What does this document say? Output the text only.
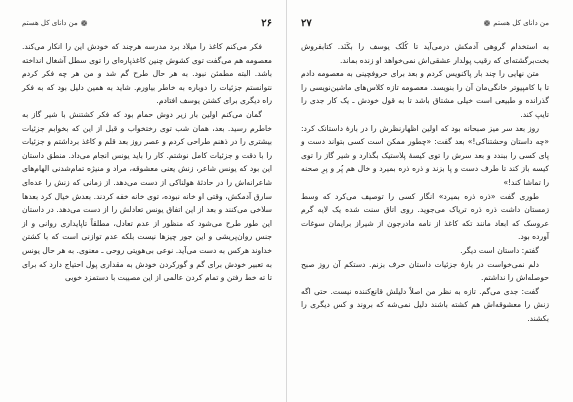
۲۶
❁
من دانای کل هستم

فکر می‌کنم کاغذ را میلاد برد مدرسه هرچند که خودش این را انکار می‌کند. معصومه هم می‌گفت توی کشوش چنین کاغذپاره‌ای را توی سطل آشغال انداخته باشد. البته مطمئن نبود. به هر حال طرح گم شد و من هر چه فکر کردم نتوانستم جزئیات را دوباره به خاطر بیاورم. شاید به همین دلیل بود که به فکر راه دیگری برای کشتن یوسف افتادم.

گمان می‌کنم اولین بار زیر دوش حمام بود که فکر کشتنش با شیر گاز به خاطرم رسید. بعد، همان شب توی رختخواب و قبل از این که بخوابم جزئیات بیشتری را در ذهنم طراحی کردم و عصر روز بعد قلم و کاغذ برداشتم و جزئیات را با دقت و جزئیات کامل نوشتم. کار را باید یونس انجام می‌داد. منطق داستان این بود که یونس شاعر، زنش یعنی معشوقه، مراد و منیژه تمام‌شدنی الهام‌های شاعرانه‌اش را در حادثهٔ هولناکی از دست می‌دهد. از زمانی که زنش را عده‌ای سارق آدمکش، وقتی او خانه نبوده، توی خانه خفه کردند. بعدش خیال کرد بعدها سلاخی می‌کنند و بعد از این اتفاق یونس تعادلش را از دست می‌دهد. در داستان این طور طرح می‌شود که منظور از عدم تعادل، مطلقاً تاپایداری روانی و از جنس روان‌پریشی و این جور چیزها نیست بلکه عدم توازنی است که با کشتن خداوند هرکس به دست می‌آید. نوعی بی‌هویتی روحی ـ معنوی. به هر حال یونس به تعبیر خودش برای گم و گورکردن خودش به مقداری پول احتیاج دارد که برای تا ته خط رفتن و تمام کردن عالمی از این مصیبت با دستمزد خوبی

من دانای کل هستم
❁
۲۷

به استخدام گروهی آدمکش درمی‌آید تا کُلَک یوسف را بکَنَد. کتابفروش بخت‌برگشته‌ای که رقیب پولدار عشقی‌اش نمی‌خواهد او زنده بماند.

متن نهایی را چند بار پاکنویس کردم و بعد برای حروفچینی به معصومه دادم تا با کامپیوتر خانگی‌مان آن را بنویسد. معصومه تازه کلاس‌های ماشین‌نویسی را گذرانده و طبیعی است خیلی مشتاق باشد تا به قول خودش ـ یک کار جدی را تایپ کند.

روز بعد سر میز صبحانه بود که اولین اظهارنظرش را در بارهٔ داستانک کرد: «چه داستان وحشتناکی!» بعد گفت: «چطور ممکن است کسی بتواند دست و پای کسی را ببندد و بعد سرش را توی کیسهٔ پلاستیک بگذارد و شیر گاز را توی کیسه باز کند تا طرف دست و پا بزند و ذره ذره بمیرد و خال هم پُر و پرِ صحنه را تماشا کند!»

طوری گفت «ذره ذره بمیرد» انگار کسی را توصیف می‌کرد که وسط زمستان داشت ذره ذره تریاک می‌جوید. روی اتاق سنت شده یک لایه گرم عروسک که ابعاد مانند تکه کاغذ از نامه مادرجون از شیراز برایمان سوغات آورده بود.

گفتم: داستان است دیگر.

دلم نمی‌خواست در بارهٔ جزئیات داستان حرف بزنم. دستکم آن روز صبح حوصله‌اش را نداشتم.

گفت: جدی می‌گم. تازه به نظر من اصلاً دلیلش قانع‌کننده نیست. حتی اگه زنش را معشوقه‌اش هم کشته باشند دلیل نمی‌شه که بروند و کس دیگری را بکشند.
